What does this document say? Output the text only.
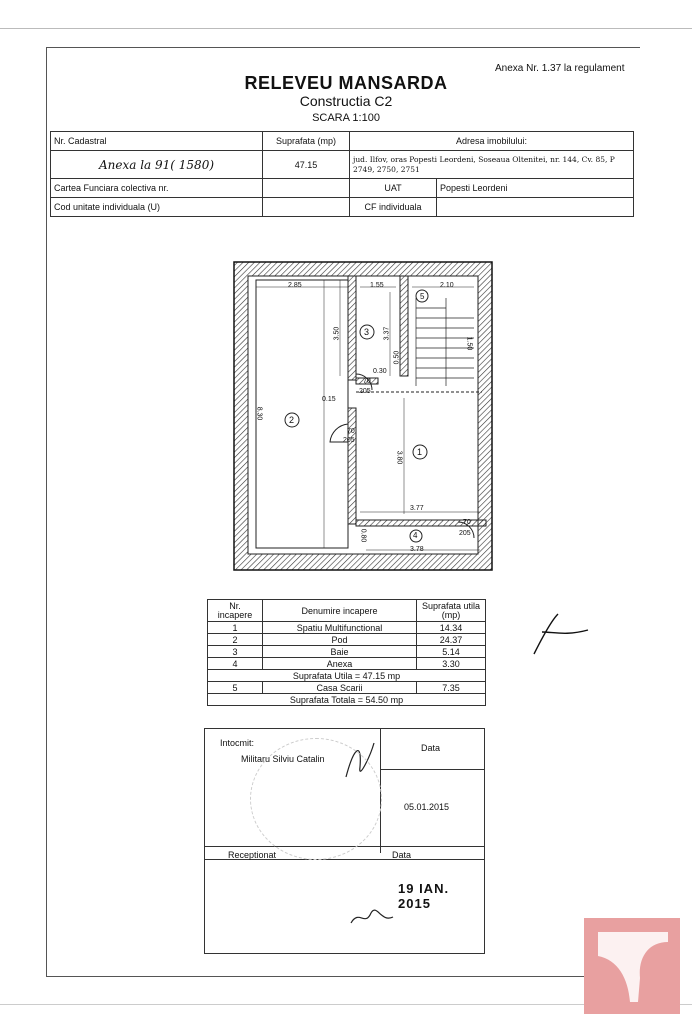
Anexa Nr. 1.37 la regulament
RELEVEU MANSARDA
Constructia C2
SCARA 1:100
Nr. Cadastral	Suprafata (mp)	Adresa imobilului:	
Anexa la 91( 1580)	47.15	jud. Ilfov, oras Popesti Leordeni, Soseaua Oltenitei, nr. 144, Cv. 85, P 2749, 2750, 2751	
Cartea Funciara colectiva nr.		UAT	Popesti Leordeni
Cod unitate individuala (U)		CF individuala	
2.85	1.55	2.10
3.50	3.37
1.50
0.30
0.50
0.15
8.30
3.80
3.77
0.80
3.78
70
205
70
205
70
205
2
1
3
4
5
Nr. incapere	Denumire incapere	Suprafata utila (mp)
1	Spatiu Multifunctional	14.34
2	Pod	24.37
3	Baie	5.14
4	Anexa	3.30
Suprafata Utila = 47.15 mp		
5	Casa Scarii	7.35
Suprafata Totala = 54.50 mp		
Intocmit:
Militaru Silviu Catalin
Data
05.01.2015
Receptionat	Data
19 IAN. 2015
